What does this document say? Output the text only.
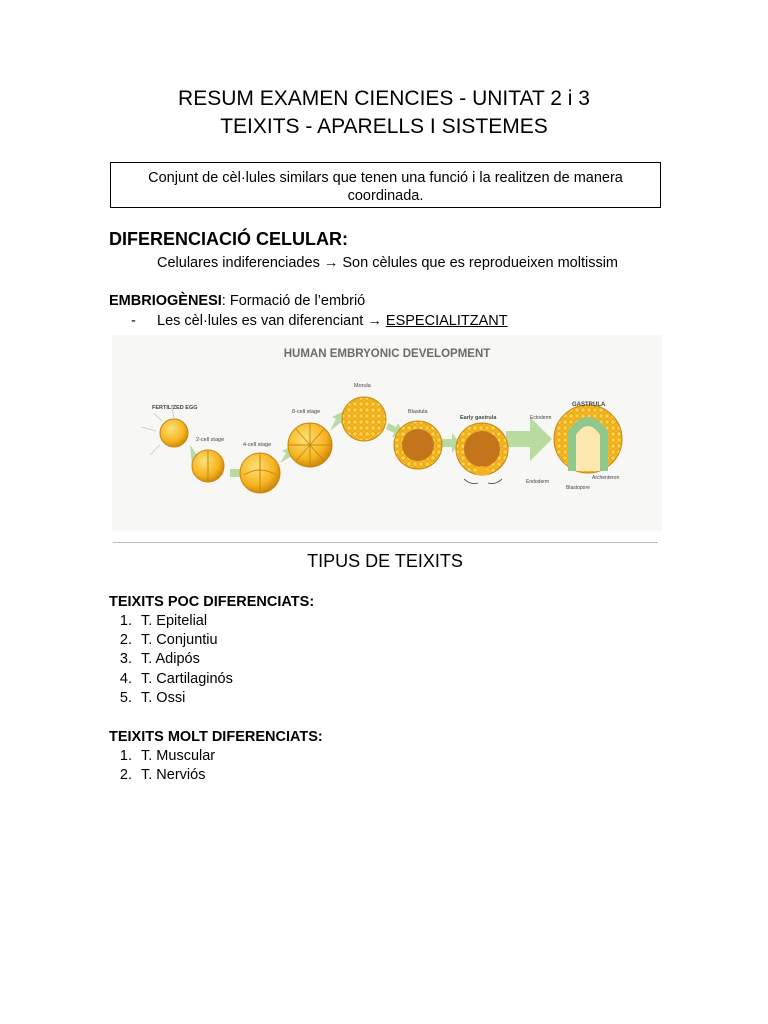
RESUM EXAMEN CIENCIES - UNITAT 2 i 3
TEIXITS - APARELLS I SISTEMES
Conjunt de cèl·lules similars que tenen una funció i la realitzen de manera coordinada.
DIFERENCIACIÓ CELULAR:
Celulares indiferenciades → Son cèlules que es reprodueixen moltissim
EMBRIOGÈNESI: Formació de l’embrió
- Les cèl·lules es van diferenciant → ESPECIALITZANT
HUMAN EMBRYONIC DEVELOPMENT
FERTILIZED EGG
2-cell stage
4-cell stage
8-cell stage
Morula
Blastula
Early gastrula
GASTRULA
Ectoderm
Endoderm
Blastopore
Archenteron
TIPUS DE TEIXITS
TEIXITS POC DIFERENCIATS:
1. T. Epitelial
2. T. Conjuntiu
3. T. Adipós
4. T. Cartilaginós
5. T. Ossi
TEIXITS MOLT DIFERENCIATS:
1. T. Muscular
2. T. Nerviós
